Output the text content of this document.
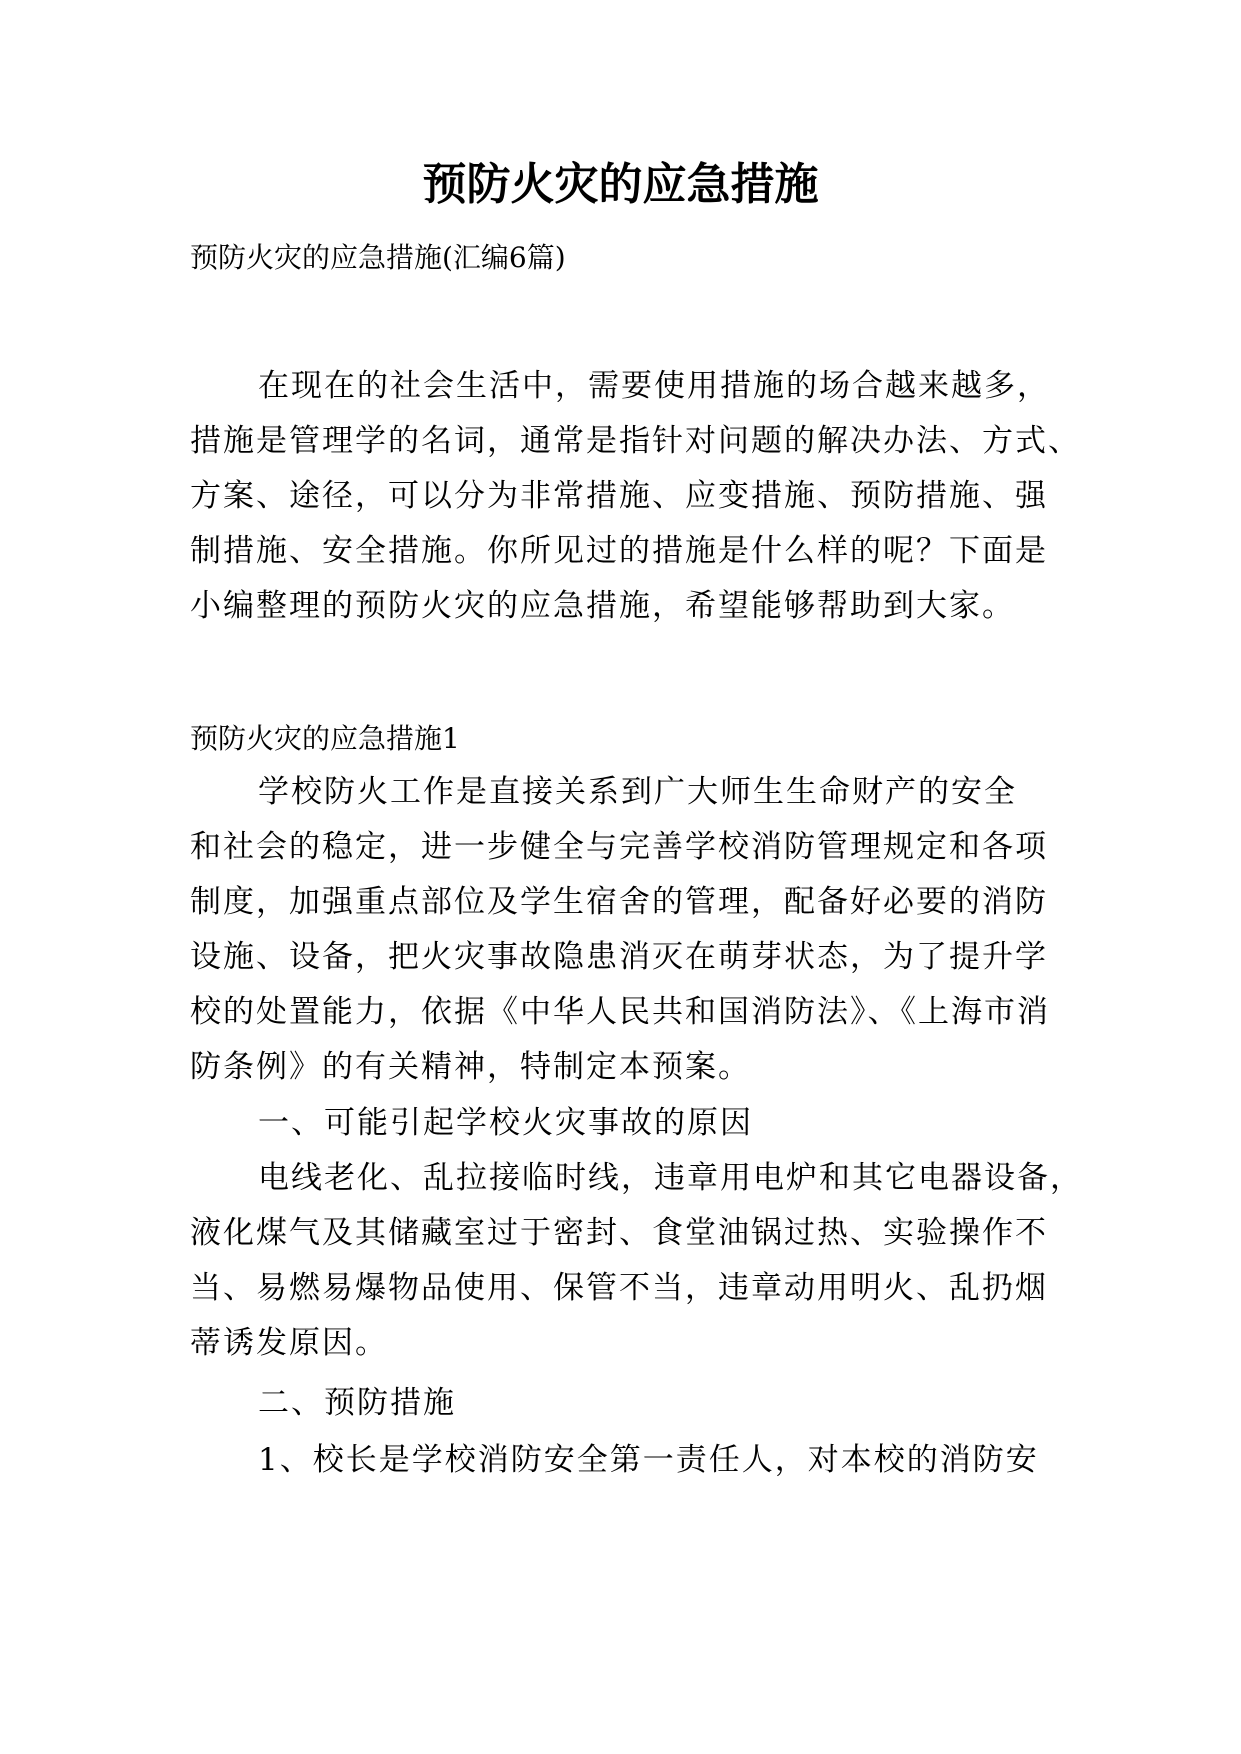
预防火灾的应急措施
预防火灾的应急措施(汇编6篇)
在现在的社会生活中，需要使用措施的场合越来越多，
措施是管理学的名词，通常是指针对问题的解决办法、方式、
方案、途径，可以分为非常措施、应变措施、预防措施、强
制措施、安全措施。你所见过的措施是什么样的呢？下面是
小编整理的预防火灾的应急措施，希望能够帮助到大家。
预防火灾的应急措施1
学校防火工作是直接关系到广大师生生命财产的安全
和社会的稳定，进一步健全与完善学校消防管理规定和各项
制度，加强重点部位及学生宿舍的管理，配备好必要的消防
设施、设备，把火灾事故隐患消灭在萌芽状态，为了提升学
校的处置能力，依据《中华人民共和国消防法》、《上海市消
防条例》的有关精神，特制定本预案。
一、可能引起学校火灾事故的原因
电线老化、乱拉接临时线，违章用电炉和其它电器设备，
液化煤气及其储藏室过于密封、食堂油锅过热、实验操作不
当、易燃易爆物品使用、保管不当，违章动用明火、乱扔烟
蒂诱发原因。
二、预防措施
1、校长是学校消防安全第一责任人，对本校的消防安
